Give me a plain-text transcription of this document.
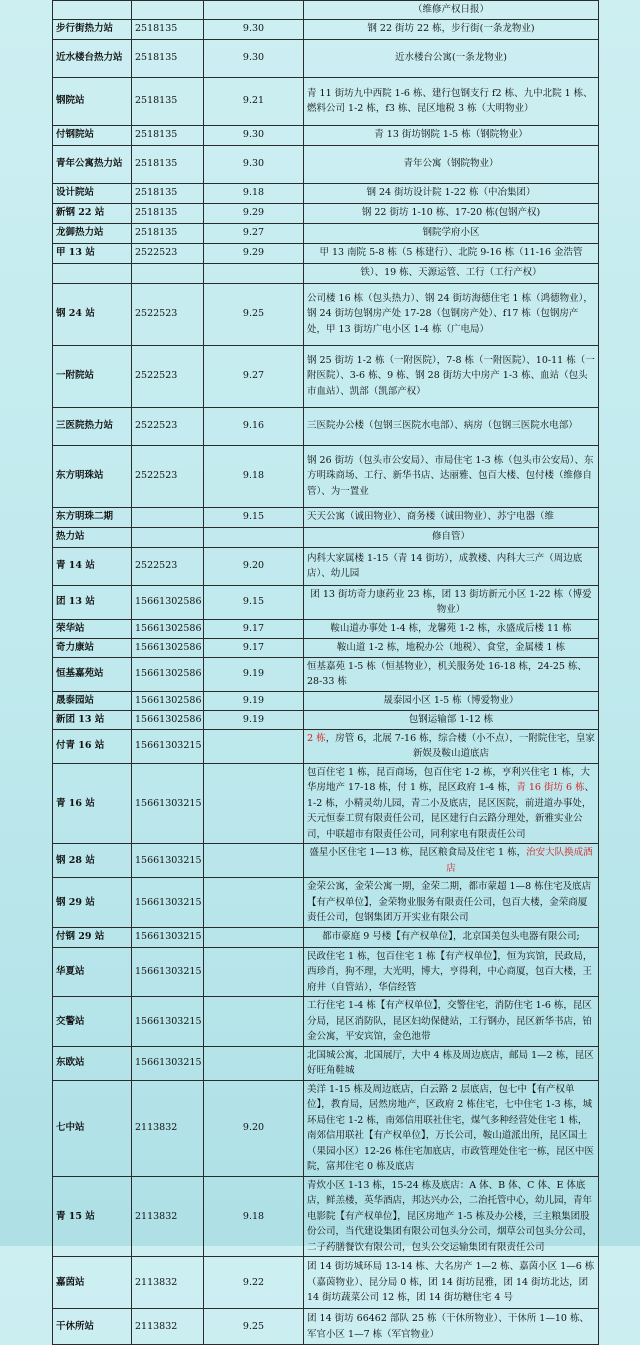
			（维修产权日报）
步行街热力站	2518135	9.30	钢 22 街坊 22 栋，步行街(一条龙物业)
近水楼台热力站	2518135	9.30	近水楼台公寓(一条龙物业)
钢院站	2518135	9.21	青 11 街坊九中西院 1-6 栋、建行包钢支行 f2 栋、九中北院 1 栋、燃料公司 1-2 栋，f3 栋、昆区地税 3 栋（大明物业）
付钢院站	2518135	9.30	青 13 街坊钢院 1-5 栋（钢院物业）
青年公寓热力站	2518135	9.30	青年公寓（钢院物业）
设计院站	2518135	9.18	钢 24 街坊设计院 1-22 栋（中冶集团）
新钢 22 站	2518135	9.29	钢 22 街坊 1-10 栋、17-20 栋(包钢产权)
龙御热力站	2518135	9.27	钢院学府小区
甲 13 站	2522523	9.29	甲 13 南院 5-8 栋（5 栋建行）、北院 9-16 栋（11-16 金浩管
			铁）、19 栋、天源运管、工行（工行产权）
钢 24 站	2522523	9.25	公司楼 16 栋（包头热力）、钢 24 街坊海德住宅 1 栋（鸿德物业），钢 24 街坊包钢房产处 17-28（包钢房产处）、f17 栋（包钢房产处，甲 13 街坊广电小区 1-4 栋（广电局）
一附院站	2522523	9.27	钢 25 街坊 1-2 栋（一附医院），7-8 栋（一附医院）、10-11 栋（一附医院）、3-6 栋、9 栋、钢 28 街坊大中房产 1-3 栋、血站（包头市血站）、凯部（凯部产权）
三医院热力站	2522523	9.16	三医院办公楼（包钢三医院水电部）、病房（包钢三医院水电部）
东方明珠站	2522523	9.18	钢 26 街坊（包头市公安局）、市局住宅 1-3 栋（包头市公安局）、东方明珠商场、工行、新华书店、达丽雅、包百大楼、包付楼（维修自管）、为一置业
东方明珠二期		9.15	天天公寓（诚田物业）、商务楼（诚田物业）、苏宁电器（维
热力站			修自管）
青 14 站	2522523	9.20	内科大家属楼 1-15（青 14 街坊），成教楼、内科大三产（周边底店）、幼儿园
团 13 站	15661302586	9.15	团 13 街坊奇力康药业 23 栋，团 13 街坊新元小区 1-22 栋（博爱物业）
荣华站	15661302586	9.17	鞍山道办事处 1-4 栋，龙馨苑 1-2 栋，永盛成后楼 11 栋
奇力康站	15661302586	9.17	鞍山道 1-2 栋，地税办公（地税）、食堂，金属楼 1 栋
恒基嘉苑站	15661302586	9.19	恒基嘉苑 1-5 栋（恒基物业），机关服务处 16-18 栋，24-25 栋、28-33 栋
晟泰园站	15661302586	9.19	晟泰园小区 1-5 栋（博爱物业）
新团 13 站	15661302586	9.19	包钢运输部 1-12 栋
付青 16 站	15661303215		2 栋，房管 6，北展 7-16 栋，综合楼（小不点），一附院住宅，皇家新娱及鞍山道底店
青 16 站	15661303215		包百住宅 1 栋，昆百商场，包百住宅 1-2 栋，亨利兴住宅 1 栋，大华房地产 17-18 栋，付 1 栋，昆区政府 1-4 栋，青 16 街坊 6 栋、1-2 栋，小精灵幼儿园，青二小及底店，昆区医院，前进道办事处，天元恒泰工贸有限责任公司，昆区建行白云路分理处，新雅实业公司，中联超市有限责任公司，同利家电有限责任公司
钢 28 站	15661303215		盛星小区住宅 1—13 栋，昆区粮食局及住宅 1 栋，治安大队换成酒店
钢 29 站	15661303215		金荣公寓，金荣公寓一期，金荣二期，都市蒙超 1—8 栋住宅及底店【有产权单位】，金荣物业服务有限责任公司，包百大楼，金荣商厦责任公司，包钢集团万开实业有限公司
付钢 29 站	15661303215		都市豪庭 9 号楼【有产权单位】，北京国美包头电器有限公司;
华夏站	15661303215		民政住宅 1 栋，包百住宅 1 栋【有产权单位】，恒为宾馆，民政局，西珍肖，狗不理，大光明，博大，亨得利，中心商厦，包百大楼，王府井（自管站），华信经管
交警站	15661303215		工行住宅 1-4 栋【有产权单位】，交警住宅，消防住宅 1-6 栋，昆区分局，昆区消防队，昆区妇幼保健站，工行钢办，昆区新华书店，铂金公寓，平安宾馆，金色池带
东欧站	15661303215		北国城公寓，北国展厅，大中 4 栋及周边底店，邮局 1—2 栋，昆区好旺角鞋城
七中站	2113832	9.20	美洋 1-15 栋及周边底店，白云路 2 层底店，包七中【有产权单位】，教育局，居然房地产，区政府 2 栋住宅，七中住宅 1-3 栋，城环局住宅 1-2 栋，南郊信用联社住宅，煤气多种经营处住宅 1 栋，南郊信用联社【有产权单位】，万长公司，鞍山道派出所，昆区国土（果园小区）12-26 栋住宅加底店，市政管理处住宅一栋，昆区中医院，富邦住宅 0 栋及底店
青 15 站	2113832	9.18	青炊小区 1-13 栋，15-24 栋及底店：A 体、B 体、C 体、E 体底店，鲜羔楼，英华酒店，邦达兴办公，二治托管中心，幼儿园，青年电影院【有产权单位】，昆区房地产 1-5 栋及办公楼，三主粮集团股份公司，当代建设集团有限公司包头分公司，烟草公司包头分公司，二子药膳餐饮有限公司，包头公交运输集团有限责任公司
嘉茵站	2113832	9.22	团 14 街坊城环局 13-14 栋、大名房产 1—2 栋、嘉茵小区 1—6 栋（嘉茵物业）、昆分局 0 栋，团 14 街坊昆雅，团 14 街坊北达，团 14 街坊蔬菜公司 12 栋，团 14 街坊糖住宅 4 号
干休所站	2113832	9.25	团 14 街坊 66462 部队 25 栋（干休所物业）、干休所 1—10 栋、军官小区 1—7 栋（军官物业）
